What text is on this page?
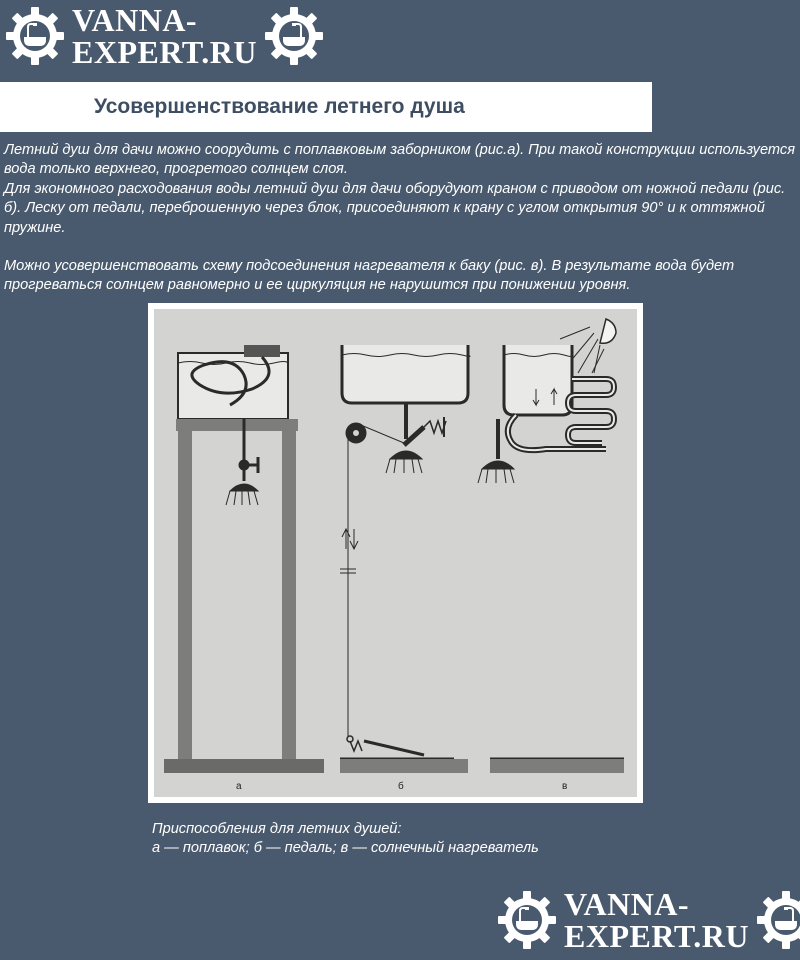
VANNA-
EXPERT.RU
Усовершенствование летнего душа

Летний душ для дачи можно соорудить с поплавковым заборником (рис.а). При такой конструкции используется вода только верхнего, прогретого солнцем слоя.

Для экономного расходования воды летний душ для дачи оборудуют краном с приводом от ножной педали (рис. б). Леску от педали, переброшенную через блок, присоединяют к крану с углом открытия 90° и к оттяжной пружине.

Можно усовершенствовать схему подсоединения нагревателя к баку (рис. в). В результате вода будет прогреваться солнцем равномерно и ее циркуляция не нарушится при понижении уровня.

а	б	в
Приспособления для летних душей:
а — поплавок; б — педаль; в — солнечный нагреватель
VANNA-
EXPERT.RU
